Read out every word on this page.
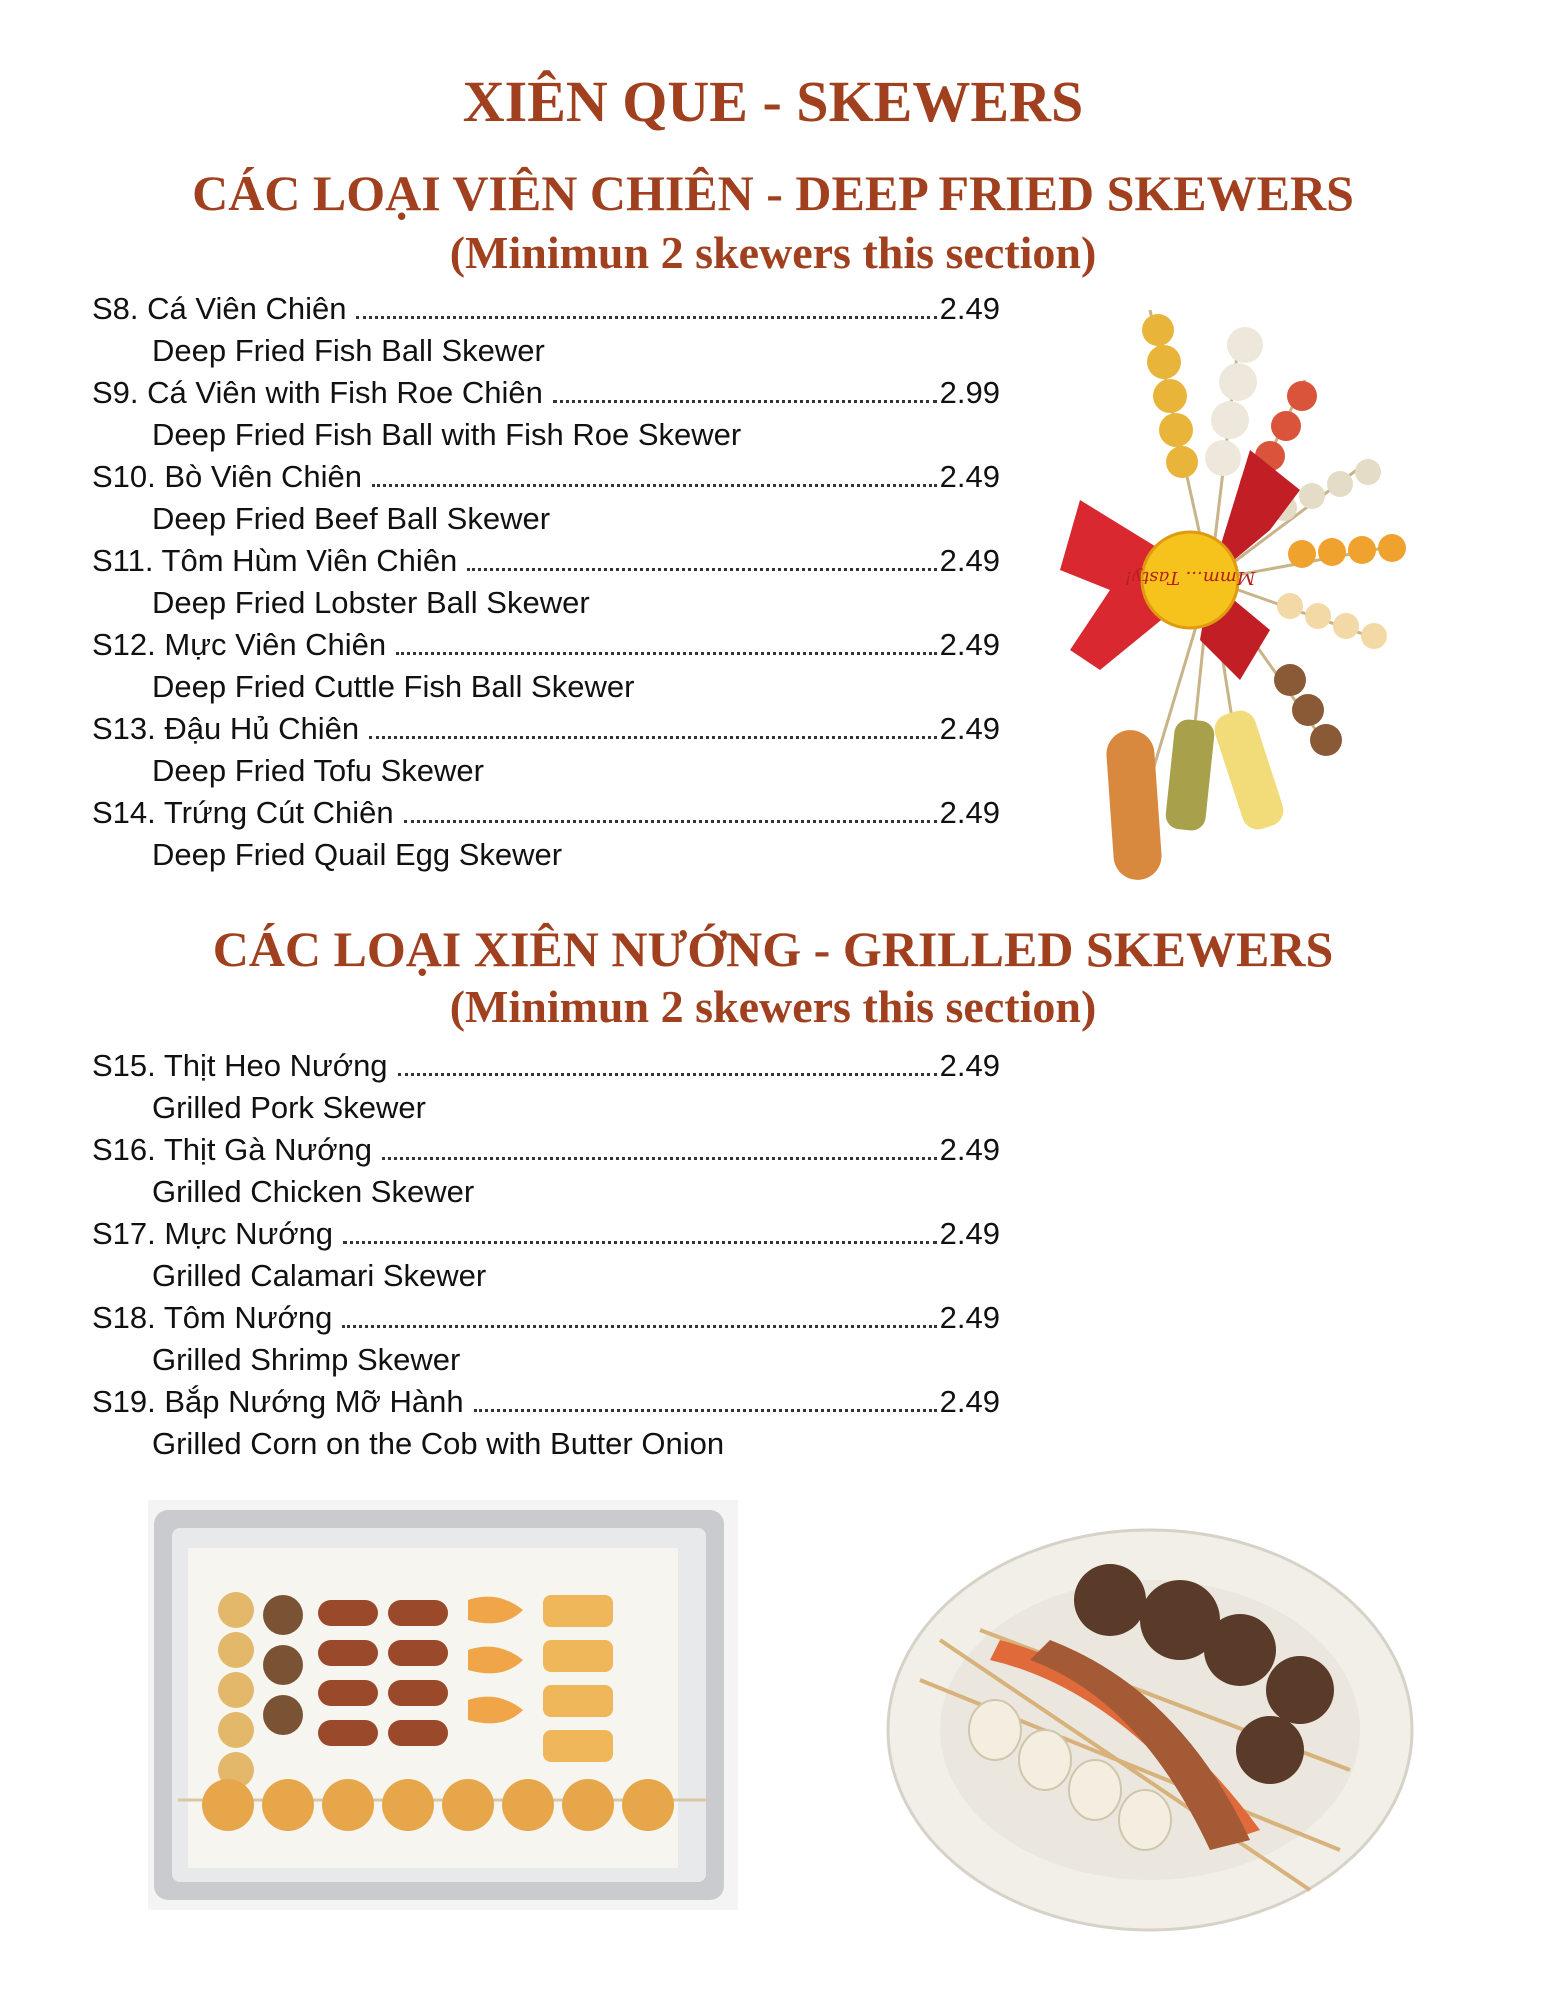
XIÊN QUE - SKEWERS
CÁC LOẠI VIÊN CHIÊN - DEEP FRIED SKEWERS
(Minimun 2 skewers this section)
S8. Cá Viên Chiên	2.49
Deep Fried Fish Ball Skewer
S9. Cá Viên with Fish Roe Chiên	2.99
Deep Fried Fish Ball with Fish Roe Skewer
S10. Bò Viên Chiên	2.49
Deep Fried Beef Ball Skewer
S11. Tôm Hùm Viên Chiên	2.49
Deep Fried Lobster Ball Skewer
S12. Mực Viên Chiên	2.49
Deep Fried Cuttle Fish Ball Skewer
S13. Đậu Hủ Chiên	2.49
Deep Fried Tofu Skewer
S14. Trứng Cút Chiên	2.49
Deep Fried Quail Egg Skewer
CÁC LOẠI XIÊN NƯỚNG - GRILLED SKEWERS
(Minimun 2 skewers this section)
S15. Thịt Heo Nướng	2.49
Grilled Pork Skewer
S16. Thịt Gà Nướng	2.49
Grilled Chicken Skewer
S17. Mực Nướng	2.49
Grilled Calamari Skewer
S18. Tôm Nướng	2.49
Grilled Shrimp Skewer
S19. Bắp Nướng Mỡ Hành	2.49
Grilled Corn on the Cob with Butter Onion
Mmm... Tasty!
